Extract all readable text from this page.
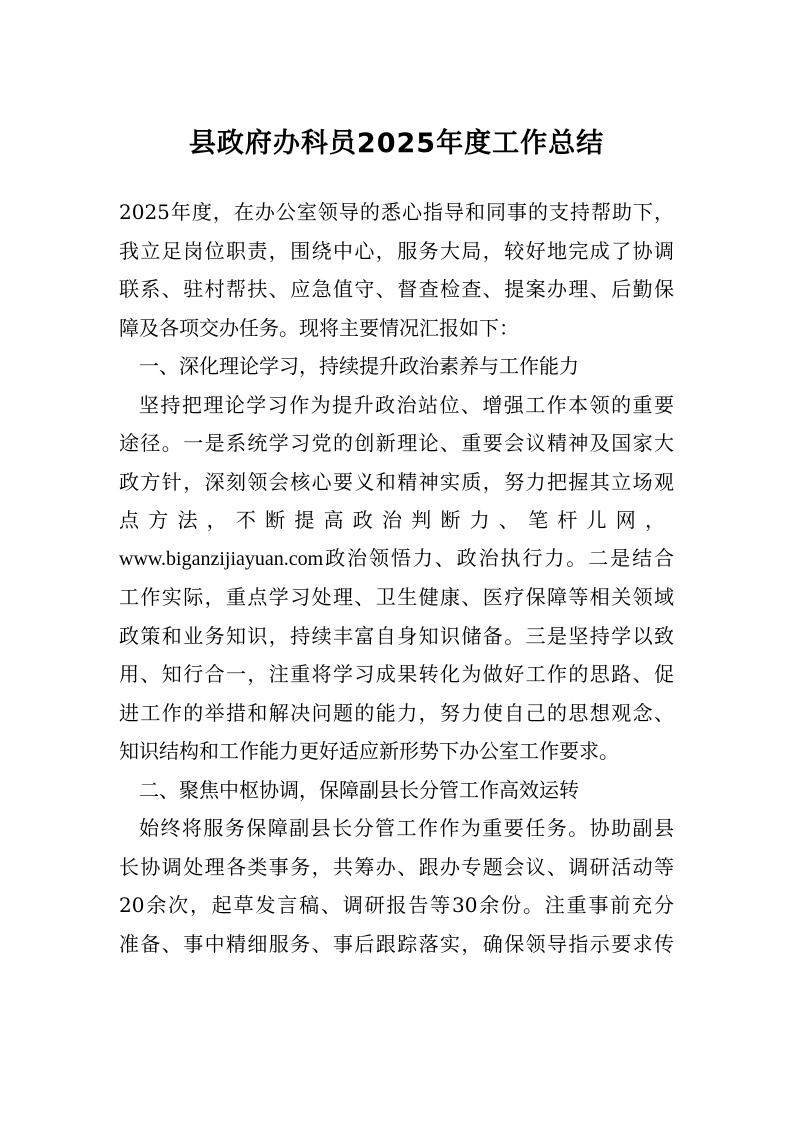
县政府办科员2025年度工作总结
2025年度，在办公室领导的悉心指导和同事的支持帮助下，
我立足岗位职责，围绕中心，服务大局，较好地完成了协调
联系、驻村帮扶、应急值守、督查检查、提案办理、后勤保
障及各项交办任务。现将主要情况汇报如下：
一、深化理论学习，持续提升政治素养与工作能力
坚持把理论学习作为提升政治站位、增强工作本领的重要
途径。一是系统学习党的创新理论、重要会议精神及国家大
政方针，深刻领会核心要义和精神实质，努力把握其立场观
点方法，不断提高政治判断力、笔杆儿网，
www.biganzijiayuan.com政治领悟力、政治执行力。二是结合
工作实际，重点学习处理、卫生健康、医疗保障等相关领域
政策和业务知识，持续丰富自身知识储备。三是坚持学以致
用、知行合一，注重将学习成果转化为做好工作的思路、促
进工作的举措和解决问题的能力，努力使自己的思想观念、
知识结构和工作能力更好适应新形势下办公室工作要求。
二、聚焦中枢协调，保障副县长分管工作高效运转
始终将服务保障副县长分管工作作为重要任务。协助副县
长协调处理各类事务，共筹办、跟办专题会议、调研活动等
20余次，起草发言稿、调研报告等30余份。注重事前充分
准备、事中精细服务、事后跟踪落实，确保领导指示要求传
